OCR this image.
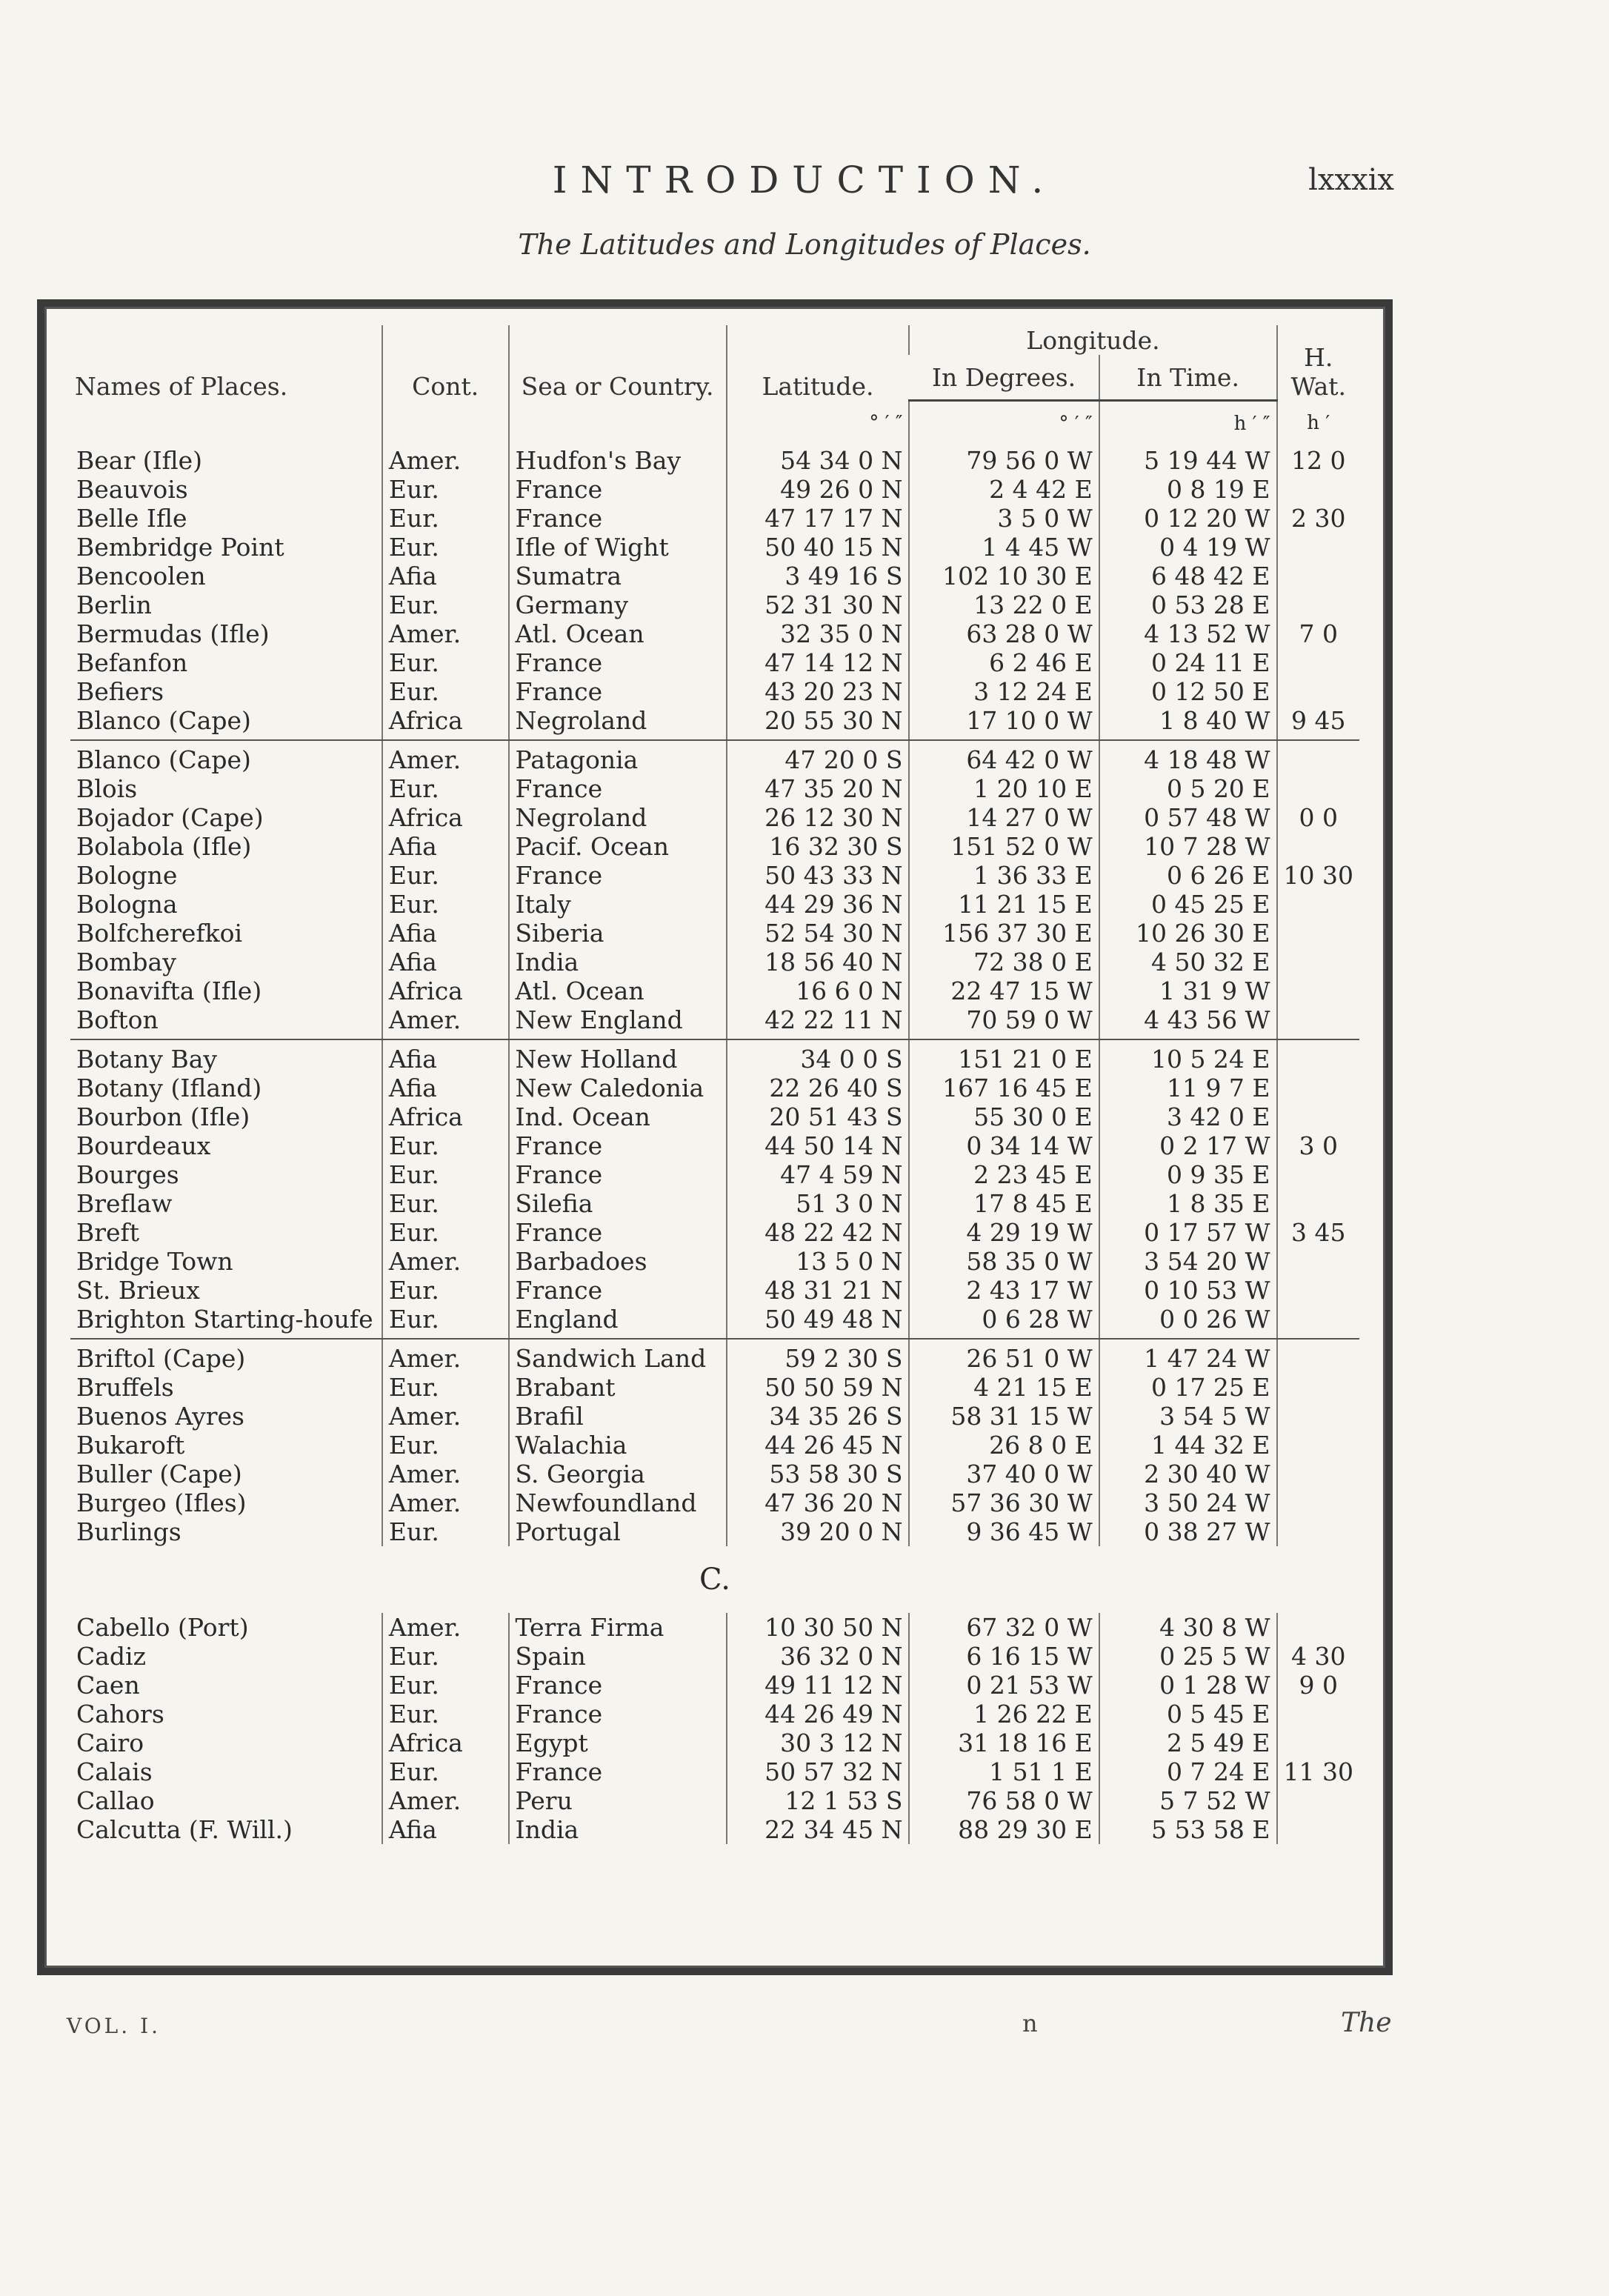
INTRODUCTION.	lxxxix
The Latitudes and Longitudes of Places.
Names of Places.	Cont.	Sea or Country.	Latitude.	Longitude.		H. Wat.
				In Degrees.	In Time.	
			° ′ ″	° ′ ″	h ′ ″	h ′
Bear (Ifle)	Amer.	Hudfon's Bay	54 34 0 N	79 56 0 W	5 19 44 W	12 0
Beauvois	Eur.	France	49 26 0 N	2 4 42 E	0 8 19 E	
Belle Ifle	Eur.	France	47 17 17 N	3 5 0 W	0 12 20 W	2 30
Bembridge Point	Eur.	Ifle of Wight	50 40 15 N	1 4 45 W	0 4 19 W	
Bencoolen	Afia	Sumatra	3 49 16 S	102 10 30 E	6 48 42 E	
Berlin	Eur.	Germany	52 31 30 N	13 22 0 E	0 53 28 E	
Bermudas (Ifle)	Amer.	Atl. Ocean	32 35 0 N	63 28 0 W	4 13 52 W	7 0
Befanfon	Eur.	France	47 14 12 N	6 2 46 E	0 24 11 E	
Befiers	Eur.	France	43 20 23 N	3 12 24 E	0 12 50 E	
Blanco (Cape)	Africa	Negroland	20 55 30 N	17 10 0 W	1 8 40 W	9 45
Blanco (Cape)	Amer.	Patagonia	47 20 0 S	64 42 0 W	4 18 48 W	
Blois	Eur.	France	47 35 20 N	1 20 10 E	0 5 20 E	
Bojador (Cape)	Africa	Negroland	26 12 30 N	14 27 0 W	0 57 48 W	0 0
Bolabola (Ifle)	Afia	Pacif. Ocean	16 32 30 S	151 52 0 W	10 7 28 W	
Bologne	Eur.	France	50 43 33 N	1 36 33 E	0 6 26 E	10 30
Bologna	Eur.	Italy	44 29 36 N	11 21 15 E	0 45 25 E	
Bolfcherefkoi	Afia	Siberia	52 54 30 N	156 37 30 E	10 26 30 E	
Bombay	Afia	India	18 56 40 N	72 38 0 E	4 50 32 E	
Bonavifta (Ifle)	Africa	Atl. Ocean	16 6 0 N	22 47 15 W	1 31 9 W	
Bofton	Amer.	New England	42 22 11 N	70 59 0 W	4 43 56 W	
Botany Bay	Afia	New Holland	34 0 0 S	151 21 0 E	10 5 24 E	
Botany (Ifland)	Afia	New Caledonia	22 26 40 S	167 16 45 E	11 9 7 E	
Bourbon (Ifle)	Africa	Ind. Ocean	20 51 43 S	55 30 0 E	3 42 0 E	
Bourdeaux	Eur.	France	44 50 14 N	0 34 14 W	0 2 17 W	3 0
Bourges	Eur.	France	47 4 59 N	2 23 45 E	0 9 35 E	
Breflaw	Eur.	Silefia	51 3 0 N	17 8 45 E	1 8 35 E	
Breft	Eur.	France	48 22 42 N	4 29 19 W	0 17 57 W	3 45
Bridge Town	Amer.	Barbadoes	13 5 0 N	58 35 0 W	3 54 20 W	
St. Brieux	Eur.	France	48 31 21 N	2 43 17 W	0 10 53 W	
Brighton Starting-houfe	Eur.	England	50 49 48 N	0 6 28 W	0 0 26 W	
Briftol (Cape)	Amer.	Sandwich Land	59 2 30 S	26 51 0 W	1 47 24 W	
Bruffels	Eur.	Brabant	50 50 59 N	4 21 15 E	0 17 25 E	
Buenos Ayres	Amer.	Brafil	34 35 26 S	58 31 15 W	3 54 5 W	
Bukaroft	Eur.	Walachia	44 26 45 N	26 8 0 E	1 44 32 E	
Buller (Cape)	Amer.	S. Georgia	53 58 30 S	37 40 0 W	2 30 40 W	
Burgeo (Ifles)	Amer.	Newfoundland	47 36 20 N	57 36 30 W	3 50 24 W	
Burlings	Eur.	Portugal	39 20 0 N	9 36 45 W	0 38 27 W	
C.						
Cabello (Port)	Amer.	Terra Firma	10 30 50 N	67 32 0 W	4 30 8 W	
Cadiz	Eur.	Spain	36 32 0 N	6 16 15 W	0 25 5 W	4 30
Caen	Eur.	France	49 11 12 N	0 21 53 W	0 1 28 W	9 0
Cahors	Eur.	France	44 26 49 N	1 26 22 E	0 5 45 E	
Cairo	Africa	Egypt	30 3 12 N	31 18 16 E	2 5 49 E	
Calais	Eur.	France	50 57 32 N	1 51 1 E	0 7 24 E	11 30
Callao	Amer.	Peru	12 1 53 S	76 58 0 W	5 7 52 W	
Calcutta (F. Will.)	Afia	India	22 34 45 N	88 29 30 E	5 53 58 E	
VOL. I.	n	The
